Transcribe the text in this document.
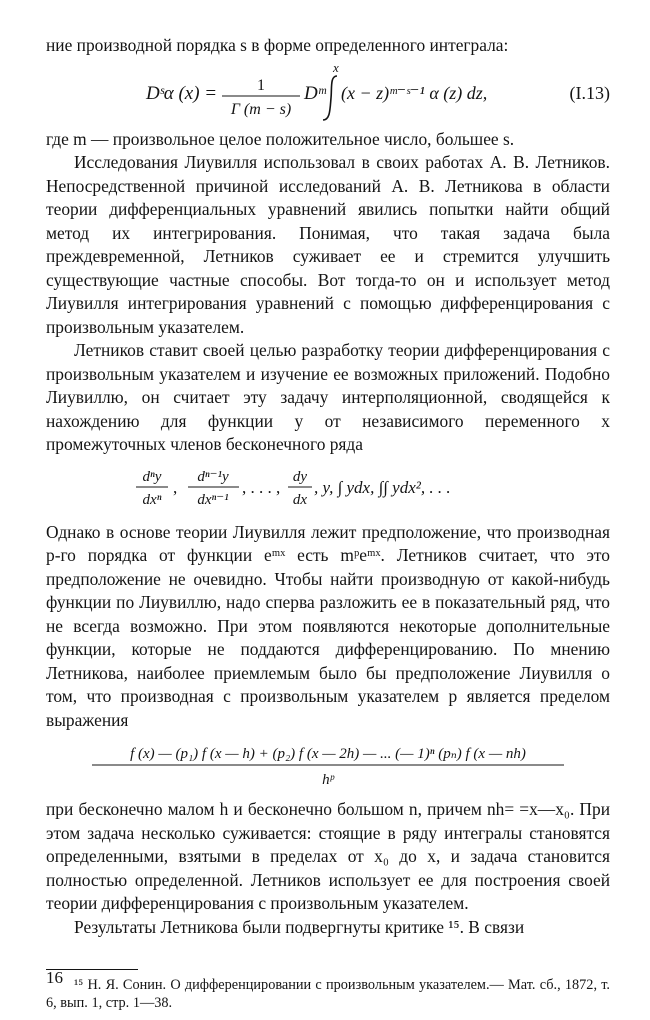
ние производной порядка s в форме определенного интеграла:

Dˢα (x) = 1
Γ (m − s)
Dᵐ
x
(x − z)ᵐ⁻ˢ⁻¹ α (z) dz,	(I.13)

где m — произвольное целое положительное число, большее s.

Исследования Лиувилля использовал в своих работах А. В. Летников. Непосредственной причиной исследований А. В. Летникова в области теории дифференциальных уравнений явились попытки найти общий метод их интегрирования. Понимая, что такая задача была преждевременной, Летников суживает ее и стремится улучшить существующие частные способы. Вот тогда-то он и использует метод Лиувилля интегрирования уравнений с помощью дифференцирования с произвольным указателем.

Летников ставит своей целью разработку теории дифференцирования с произвольным указателем и изучение ее возможных приложений. Подобно Лиувиллю, он считает эту задачу интерполяционной, сводящейся к нахождению для функции y от независимого переменного x промежуточных членов бесконечного ряда

dⁿy
dxⁿ
,
dⁿ⁻¹y
dxⁿ⁻¹
, . . . ,
dy
dx
, y, ∫ ydx, ∫∫ ydx², . . .

Однако в основе теории Лиувилля лежит предположение, что производная p-го порядка от функции eᵐˣ есть mᵖeᵐˣ. Летников считает, что это предположение не очевидно. Чтобы найти производную от какой-нибудь функции по Лиувиллю, надо сперва разложить ее в показательный ряд, что не всегда возможно. При этом появляются некоторые дополнительные функции, которые не поддаются дифференцированию. По мнению Летникова, наиболее приемлемым было бы предположение Лиувилля о том, что производная с произвольным указателем p является пределом выражения

f (x) — (p₁) f (x — h) + (p₂) f (x — 2h) — ... (— 1)ⁿ (pₙ) f (x — nh)
hᵖ

при бесконечно малом h и бесконечно большом n, причем nh= =x—x₀. При этом задача несколько суживается: стоящие в ряду интегралы становятся определенными, взятыми в пределах от x₀ до x, и задача становится полностью определенной. Летников использует ее для построения своей теории дифференцирования с произвольным указателем.

Результаты Летникова были подвергнуты критике ¹⁵. В связи

¹⁵ Н. Я. Сонин. О дифференцировании с произвольным указателем.— Мат. сб., 1872, т. 6, вып. 1, стр. 1—38.

16
